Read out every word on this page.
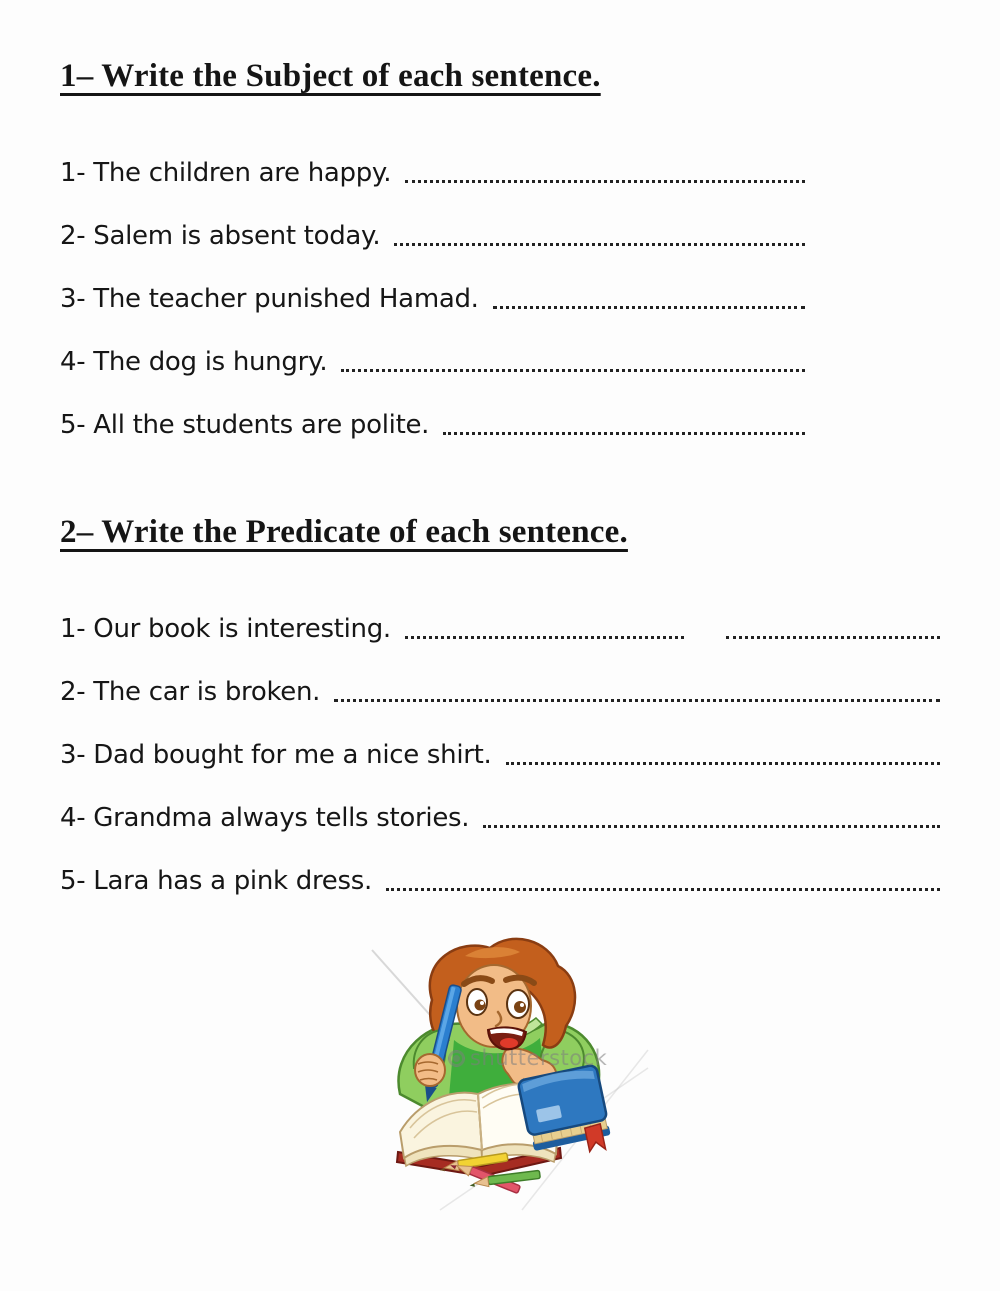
1– Write the Subject of each sentence.
1- The children are happy.
2- Salem is absent today.
3- The teacher punished Hamad.
4- The dog is hungry.
5- All the students are polite.
2– Write the Predicate of each sentence.
1- Our book is interesting.
2- The car is broken.
3- Dad bought for me a nice shirt.
4- Grandma always tells stories.
5- Lara has a pink dress.
shutterstock
